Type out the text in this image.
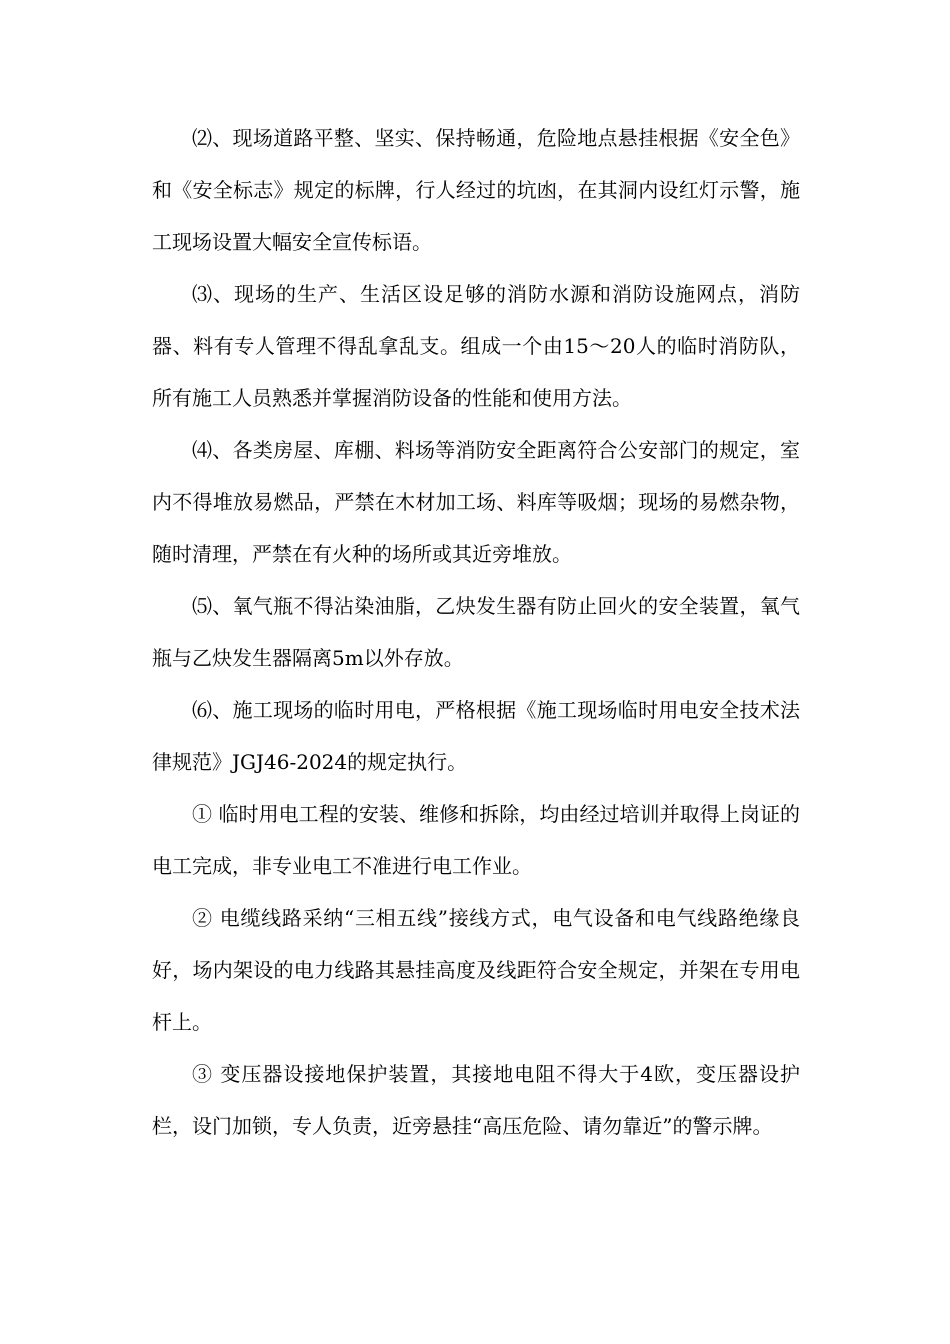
⑵、现场道路平整、坚实、保持畅通，危险地点悬挂根据《安全色》和《安全标志》规定的标牌，行人经过的坑凼，在其洞内设红灯示警，施工现场设置大幅安全宣传标语。

⑶、现场的生产、生活区设足够的消防水源和消防设施网点，消防器、料有专人管理不得乱拿乱支。组成一个由15～20人的临时消防队，所有施工人员熟悉并掌握消防设备的性能和使用方法。

⑷、各类房屋、库棚、料场等消防安全距离符合公安部门的规定，室内不得堆放易燃品，严禁在木材加工场、料库等吸烟；现场的易燃杂物，随时清理，严禁在有火种的场所或其近旁堆放。

⑸、氧气瓶不得沾染油脂，乙炔发生器有防止回火的安全装置，氧气瓶与乙炔发生器隔离5m以外存放。

⑹、施工现场的临时用电，严格根据《施工现场临时用电安全技术法律规范》JGJ46-2024的规定执行。

① 临时用电工程的安装、维修和拆除，均由经过培训并取得上岗证的电工完成，非专业电工不准进行电工作业。

② 电缆线路采纳“三相五线”接线方式，电气设备和电气线路绝缘良好，场内架设的电力线路其悬挂高度及线距符合安全规定，并架在专用电杆上。

③ 变压器设接地保护装置，其接地电阻不得大于4欧，变压器设护栏，设门加锁，专人负责，近旁悬挂“高压危险、请勿靠近”的警示牌。
